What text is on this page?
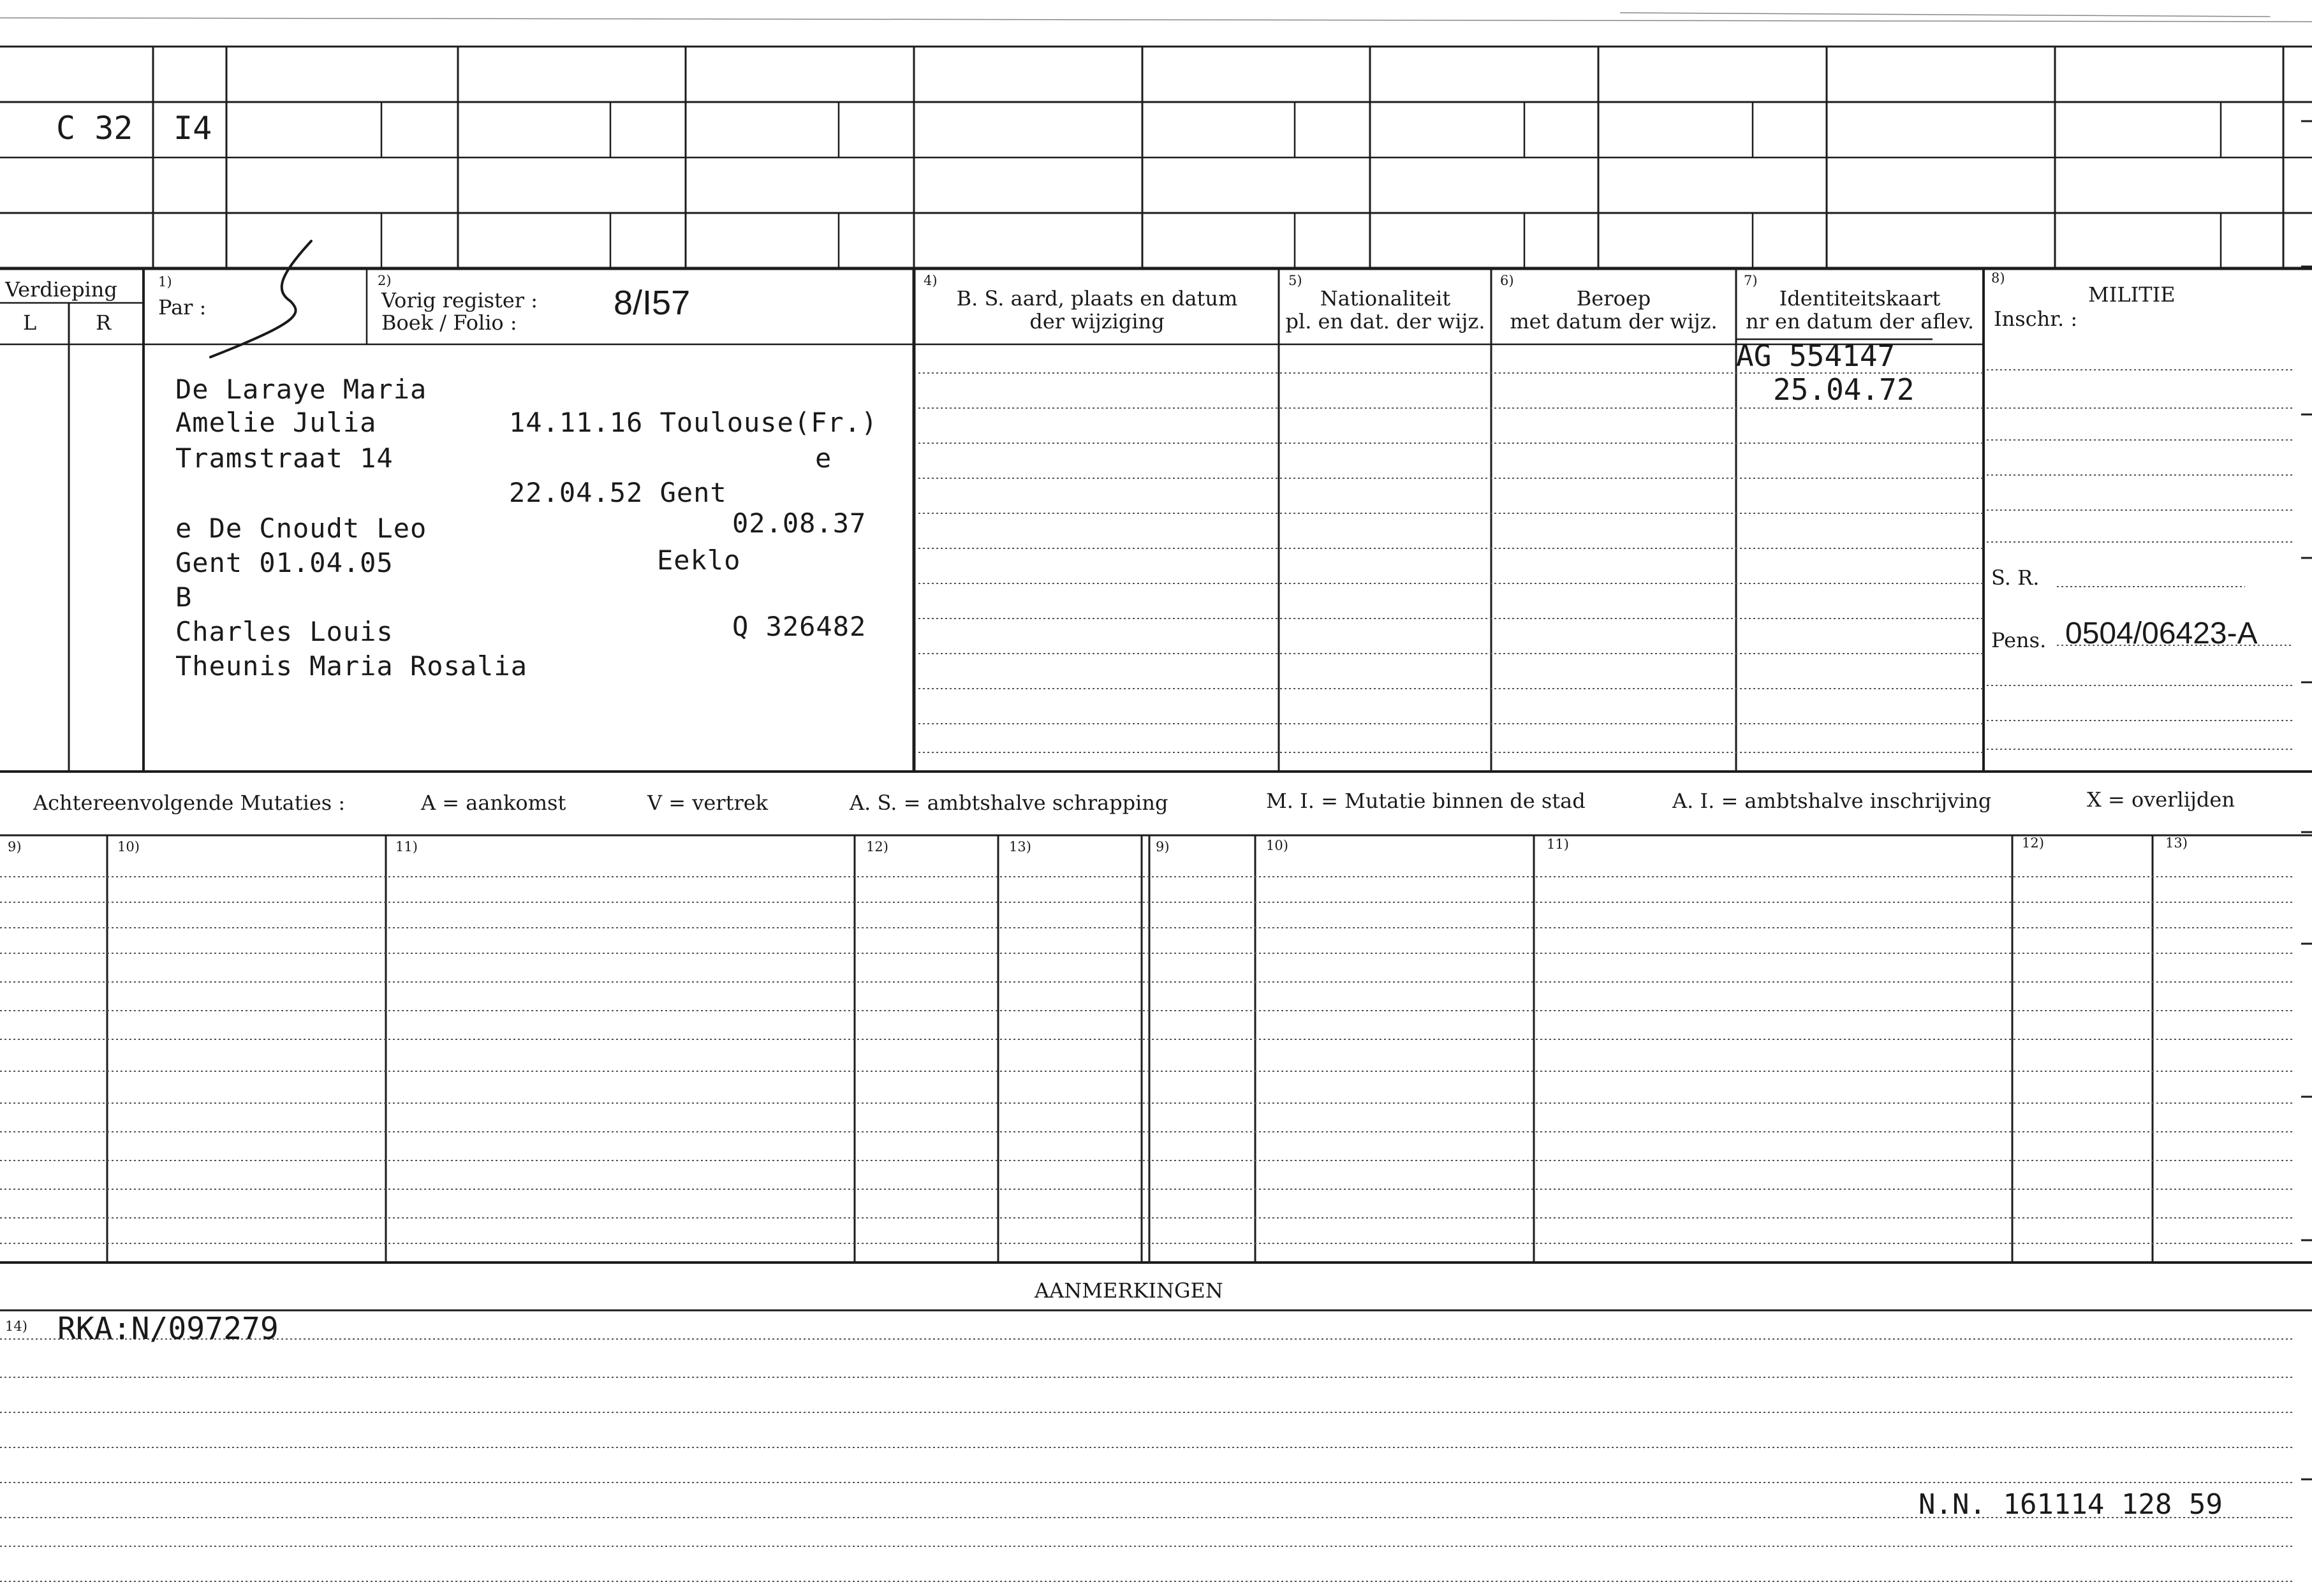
C 32 I4
Verdieping
L	R
1)
Par :
2)
Vorig register :
Boek / Folio :
8/I57
4)
B. S. aard, plaats en datum
der wijziging
5)
Nationaliteit
pl. en dat. der wijz.
6)
Beroep
met datum der wijz.
7)
Identiteitskaart
nr en datum der aflev.
8)
MILITIE
Inschr. :
S. R.
Pens. 0504/06423-A
De Laraye Maria
Amelie Julia	14.11.16 Toulouse(Fr.)
Tramstraat 14	e
22.04.52 Gent
e De Cnoudt Leo	02.08.37
Gent 01.04.05	Eeklo
B
Charles Louis	Q 326482
Theunis Maria Rosalia
AG 554147
25.04.72
Achtereenvolgende Mutaties :	A = aankomst	V = vertrek	A. S. = ambtshalve schrapping	M. I. = Mutatie binnen de stad	A. I. = ambtshalve inschrijving	X = overlijden
9)	10)	11)	12)	13)	9)	10)	11)	12)	13)
AANMERKINGEN
14) RKA:N/097279
N.N. 161114 128 59
